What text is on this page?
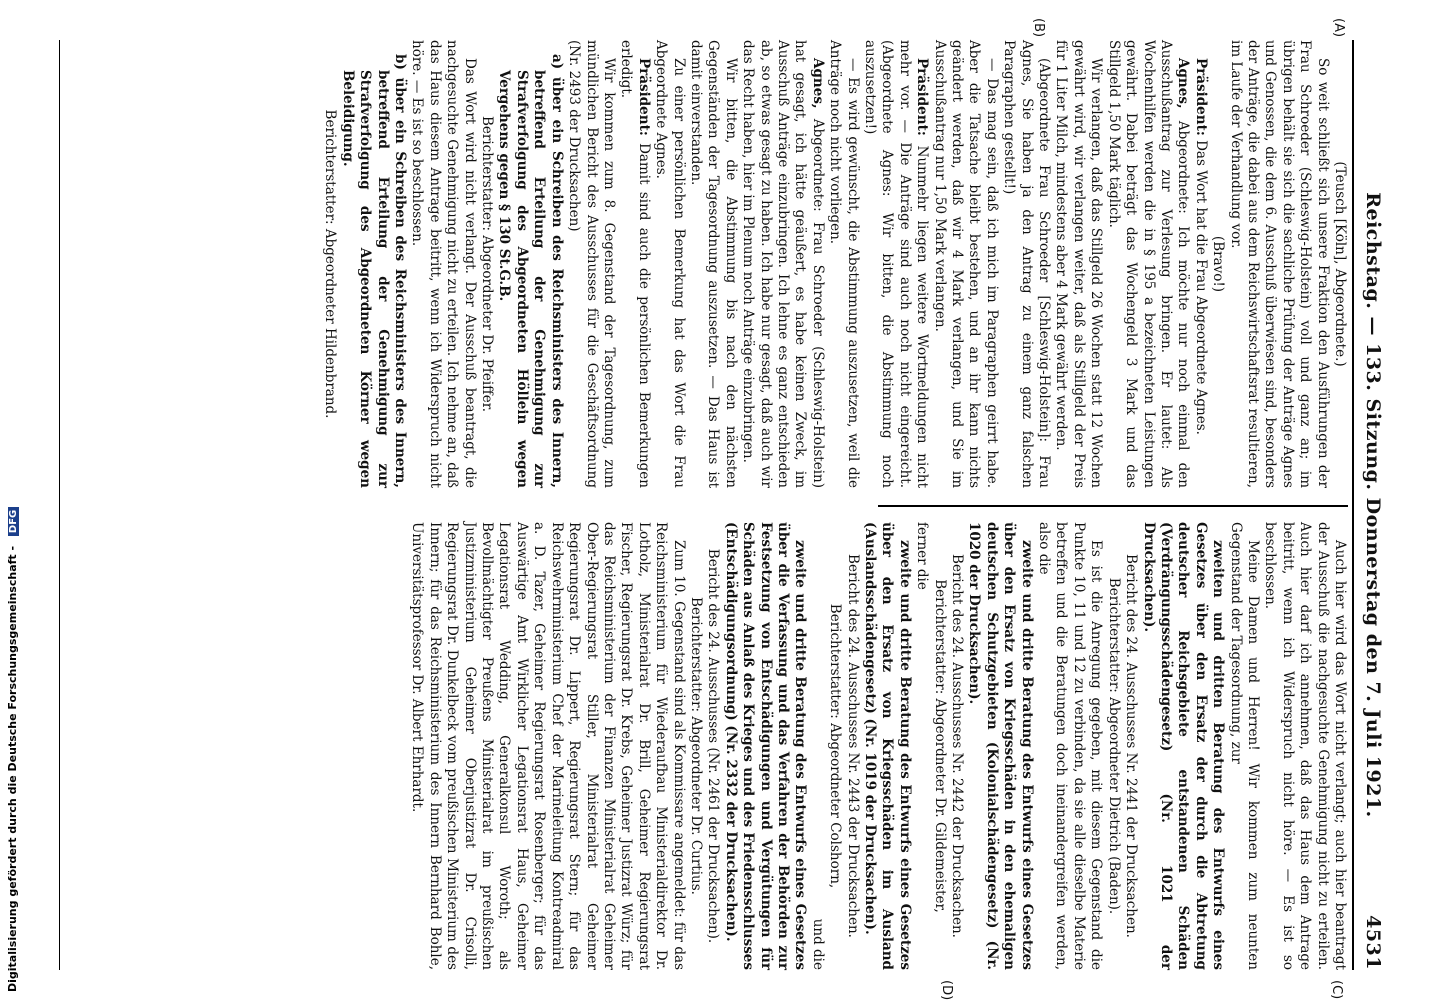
Digitalisierung gefördert durch die Deutsche Forschungsgemeinschaft - DFG	Reichstag. — 133. Sitzung. Donnerstag den 7. Juli 1921.
4531
(A)
(B)
(C)
(D)

(Teusch [Köln], Abgeordnete.)

So weit schließt sich unsere Fraktion den Ausführungen der Frau Schroeder (Schleswig-Holstein) voll und ganz an; im übrigen behält sie sich die sachliche Prüfung der Anträge Agnes und Genossen, die dem 6. Ausschuß überwiesen sind, besonders der Anträge, die dabei aus dem Reichswirtschaftsrat resultieren, im Laufe der Verhandlung vor.

(Bravo!)

Präsident: Das Wort hat die Frau Abgeordnete Agnes.

Agnes, Abgeordnete: Ich möchte nur noch einmal den Ausschußantrag zur Verlesung bringen. Er lautet: Als Wochenhilfen werden die in § 195 a bezeichneten Leistungen gewährt. Dabei beträgt das Wochengeld 3 Mark und das Stillgeld 1,50 Mark täglich.

Wir verlangen, daß das Stillgeld 26 Wochen statt 12 Wochen gewährt wird, wir verlangen weiter, daß als Stillgeld der Preis für 1 Liter Milch, mindestens aber 4 Mark gewährt werden.

(Abgeordnete Frau Schroeder [Schleswig-Holstein]: Frau Agnes, Sie haben ja den Antrag zu einem ganz falschen Paragraphen gestellt!)

— Das mag sein, daß ich mich im Paragraphen geirrt habe. Aber die Tatsache bleibt bestehen, und an ihr kann nichts geändert werden, daß wir 4 Mark verlangen, und Sie im Ausschußantrag nur 1,50 Mark verlangen.

Präsident: Nunmehr liegen weitere Wortmeldungen nicht mehr vor. — Die Anträge sind auch noch nicht eingereicht. (Abgeordnete Agnes: Wir bitten, die Abstimmung noch auszusetzen!)

— Es wird gewünscht, die Abstimmung auszusetzen, weil die Anträge noch nicht vorliegen.

Agnes, Abgeordnete: Frau Schroeder (Schleswig-Holstein) hat gesagt, ich hätte geäußert, es habe keinen Zweck, im Ausschuß Anträge einzubringen. Ich lehne es ganz entschieden ab, so etwas gesagt zu haben. Ich habe nur gesagt, daß auch wir das Recht haben, hier im Plenum noch Anträge einzubringen.

Wir bitten, die Abstimmung bis nach den nächsten Gegenständen der Tagesordnung auszusetzen. — Das Haus ist damit einverstanden.

Zu einer persönlichen Bemerkung hat das Wort die Frau Abgeordnete Agnes.

Präsident: Damit sind auch die persönlichen Bemerkungen erledigt.

Wir kommen zum 8. Gegenstand der Tagesordnung, zum mündlichen Bericht des Ausschusses für die Geschäftsordnung (Nr. 2493 der Drucksachen)

a) über ein Schreiben des Reichsministers des Innern, betreffend Erteilung der Genehmigung zur Strafverfolgung des Abgeordneten Höllein wegen Vergehens gegen § 130 St.G.B.

Berichterstatter: Abgeordneter Dr. Pfeiffer.

Das Wort wird nicht verlangt. Der Ausschuß beantragt, die nachgesuchte Genehmigung nicht zu erteilen. Ich nehme an, daß das Haus diesem Antrage beitritt, wenn ich Widerspruch nicht höre. — Es ist so beschlossen.

b) über ein Schreiben des Reichsministers des Innern, betreffend Erteilung der Genehmigung zur Strafverfolgung des Abgeordneten Körner wegen Beleidigung.

Berichterstatter: Abgeordneter Hildenbrand.

Auch hier wird das Wort nicht verlangt; auch hier beantragt der Ausschuß die nachgesuchte Genehmigung nicht zu erteilen. Auch hier darf ich annehmen, daß das Haus dem Antrage beitritt, wenn ich Widerspruch nicht höre. — Es ist so beschlossen.

Meine Damen und Herren! Wir kommen zum neunten Gegenstand der Tagesordnung, zur

zweiten und dritten Beratung des Entwurfs eines Gesetzes über den Ersatz der durch die Abtretung deutscher Reichsgebiete entstandenen Schäden (Verdrängungsschädengesetz) (Nr. 1021 der Drucksachen).

Bericht des 24. Ausschusses Nr. 2441 der Drucksachen.

Berichterstatter: Abgeordneter Dietrich (Baden).

Es ist die Anregung gegeben, mit diesem Gegenstand die Punkte 10, 11 und 12 zu verbinden, da sie alle dieselbe Materie betreffen und die Beratungen doch ineinandergreifen werden, also die

zweite und dritte Beratung des Entwurfs eines Gesetzes über den Ersatz von Kriegsschäden in den ehemaligen deutschen Schutzgebieten (Kolonialschädengesetz) (Nr. 1020 der Drucksachen).

Bericht des 24. Ausschusses Nr. 2442 der Drucksachen.

Berichterstatter: Abgeordneter Dr. Gildemeister,

ferner die

zweite und dritte Beratung des Entwurfs eines Gesetzes über den Ersatz von Kriegsschäden im Ausland (Auslandsschädengesetz) (Nr. 1019 der Drucksachen).

Bericht des 24. Ausschusses Nr. 2443 der Drucksachen.

Berichterstatter: Abgeordneter Colshorn,

und die

zweite und dritte Beratung des Entwurfs eines Gesetzes über die Verfassung und das Verfahren der Behörden zur Festsetzung von Entschädigungen und Vergütungen für Schäden aus Anlaß des Krieges und des Friedensschlusses (Entschädigungsordnung) (Nr. 2332 der Drucksachen).

Bericht des 24. Ausschusses (Nr. 2461 der Drucksachen).

Berichterstatter: Abgeordneter Dr. Curtius.

Zum 10. Gegenstand sind als Kommissare angemeldet: für das Reichsministerium für Wiederaufbau Ministerialdirektor Dr. Lotholz, Ministerialrat Dr. Brill, Geheimer Regierungsrat Fischer, Regierungsrat Dr. Krebs, Geheimer Justizrat Würz; für das Reichsministerium der Finanzen Ministerialrat Geheimer Ober-Regierungsrat Stiller, Ministerialrat Geheimer Regierungsrat Dr. Lippert, Regierungsrat Stern; für das Reichswehrministerium Chef der Marineleitung Kontreadmiral a. D. Tazer, Geheimer Regierungsrat Rosenberger; für das Auswärtige Amt Wirklicher Legationsrat Haus, Geheimer Legationsrat Wedding, Generalkonsul Woroth; als Bevollmächtigter Preußens Ministerialrat im preußischen Justizministerium Geheimer Oberjustizrat Dr. Crisolli, Regierungsrat Dr. Dunkelbeck vom preußischen Ministerium des Innern; für das Reichsministerium des Innern Bernhard Bohle, Universitätsprofessor Dr. Albert Ehrhardt.
